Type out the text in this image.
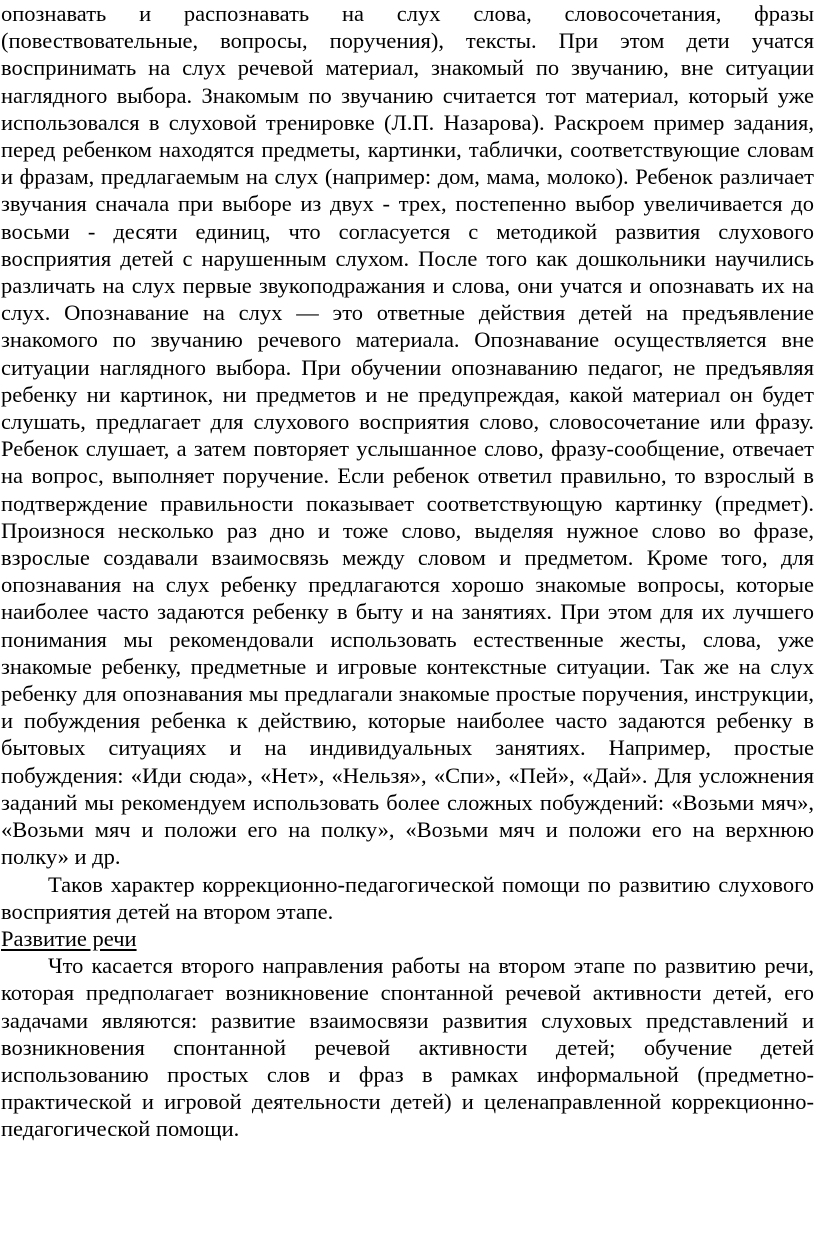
опознавать и распознавать на слух слова, словосочетания, фразы (повествовательные, вопросы, поручения), тексты. При этом дети учатся воспринимать на слух речевой материал, знакомый по звучанию, вне ситуации наглядного выбора. Знакомым по звучанию считается тот материал, который уже использовался в слуховой тренировке (Л.П. Назарова). Раскроем пример задания, перед ребенком находятся предметы, картинки, таблички, соответствующие словам и фразам, предлагаемым на слух (например: дом, мама, молоко). Ребенок различает звучания сначала при выборе из двух - трех, постепенно выбор увеличивается до восьми - десяти единиц, что согласуется с методикой развития слухового восприятия детей с нарушенным слухом. После того как дошкольники научились различать на слух первые звукоподражания и слова, они учатся и опознавать их на слух. Опознавание на слух — это ответные действия детей на предъявление знакомого по звучанию речевого материала. Опознавание осуществляется вне ситуации наглядного выбора. При обучении опознаванию педагог, не предъявляя ребенку ни картинок, ни предметов и не предупреждая, какой материал он будет слушать, предлагает для слухового восприятия слово, словосочетание или фразу. Ребенок слушает, а затем повторяет услышанное слово, фразу-сообщение, отвечает на вопрос, выполняет поручение. Если ребенок ответил правильно, то взрослый в подтверждение правильности показывает соответствующую картинку (предмет). Произнося несколько раз дно и тоже слово, выделяя нужное слово во фразе, взрослые создавали взаимосвязь между словом и предметом. Кроме того, для опознавания на слух ребенку предлагаются хорошо знакомые вопросы, которые наиболее часто задаются ребенку в быту и на занятиях. При этом для их лучшего понимания мы рекомендовали использовать естественные жесты, слова, уже знакомые ребенку, предметные и игровые контекстные ситуации. Так же на слух ребенку для опознавания мы предлагали знакомые простые поручения, инструкции, и побуждения ребенка к действию, которые наиболее часто задаются ребенку в бытовых ситуациях и на индивидуальных занятиях. Например, простые побуждения: «Иди сюда», «Нет», «Нельзя», «Спи», «Пей», «Дай». Для усложнения заданий мы рекомендуем использовать более сложных побуждений: «Возьми мяч», «Возьми мяч и положи его на полку», «Возьми мяч и положи его на верхнюю полку» и др.

Таков характер коррекционно-педагогической помощи по развитию слухового восприятия детей на втором этапе.

Развитие речи

Что касается второго направления работы на втором этапе по развитию речи, которая предполагает возникновение спонтанной речевой активности детей, его задачами являются: развитие взаимосвязи развития слуховых представлений и возникновения спонтанной речевой активности детей; обучение детей использованию простых слов и фраз в рамках информальной (предметно-практической и игровой деятельности детей) и целенаправленной коррекционно-педагогической помощи.
